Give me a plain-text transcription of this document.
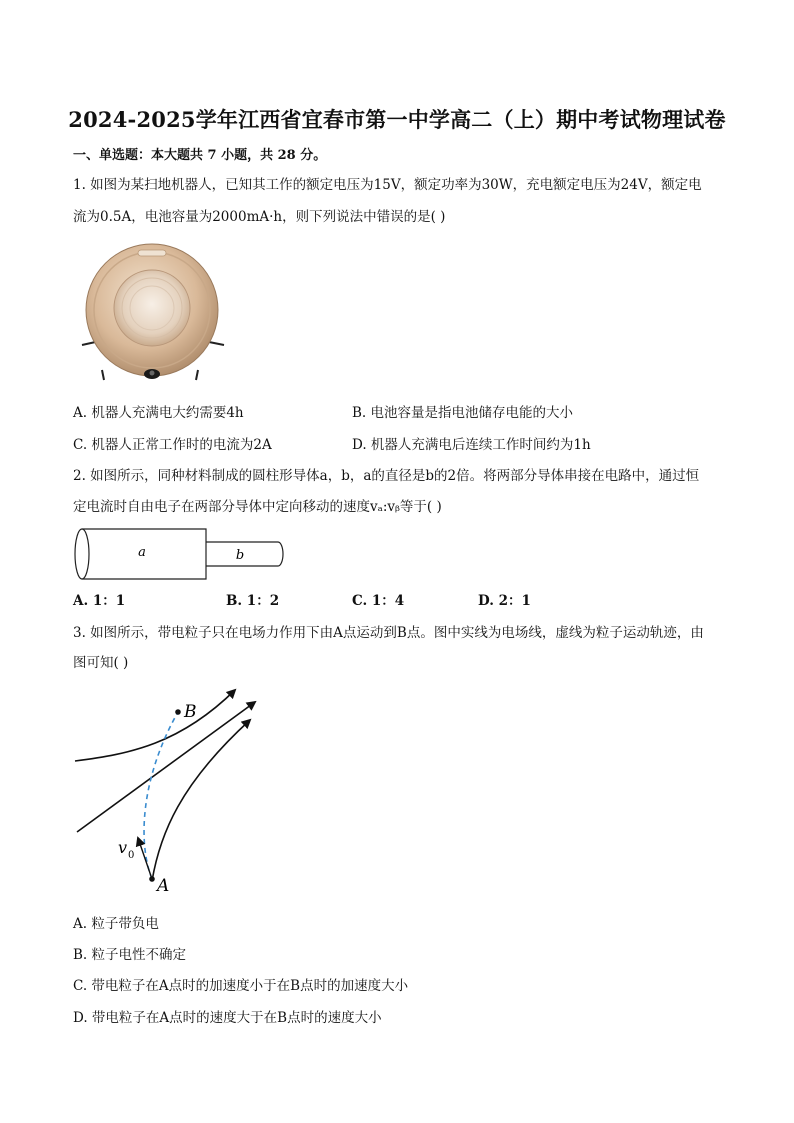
2024-2025学年江西省宜春市第一中学高二（上）期中考试物理试卷
一、单选题：本大题共 7 小题，共 28 分。
1. 如图为某扫地机器人，已知其工作的额定电压为15V，额定功率为30W，充电额定电压为24V，额定电
流为0.5A，电池容量为2000mA·h，则下列说法中错误的是( )
A. 机器人充满电大约需要4h	B. 电池容量是指电池储存电能的大小
C. 机器人正常工作时的电流为2A	D. 机器人充满电后连续工作时间约为1h
2. 如图所示，同种材料制成的圆柱形导体a，b，a的直径是b的2倍。将两部分导体串接在电路中，通过恒
定电流时自由电子在两部分导体中定向移动的速度vₐ:vᵦ等于( )
a	b
A. 1：1	B. 1：2	C. 1：4	D. 2：1
3. 如图所示，带电粒子只在电场力作用下由A点运动到B点。图中实线为电场线，虚线为粒子运动轨迹，由
图可知( )
B
A
v 0
A. 粒子带负电
B. 粒子电性不确定
C. 带电粒子在A点时的加速度小于在B点时的加速度大小
D. 带电粒子在A点时的速度大于在B点时的速度大小
